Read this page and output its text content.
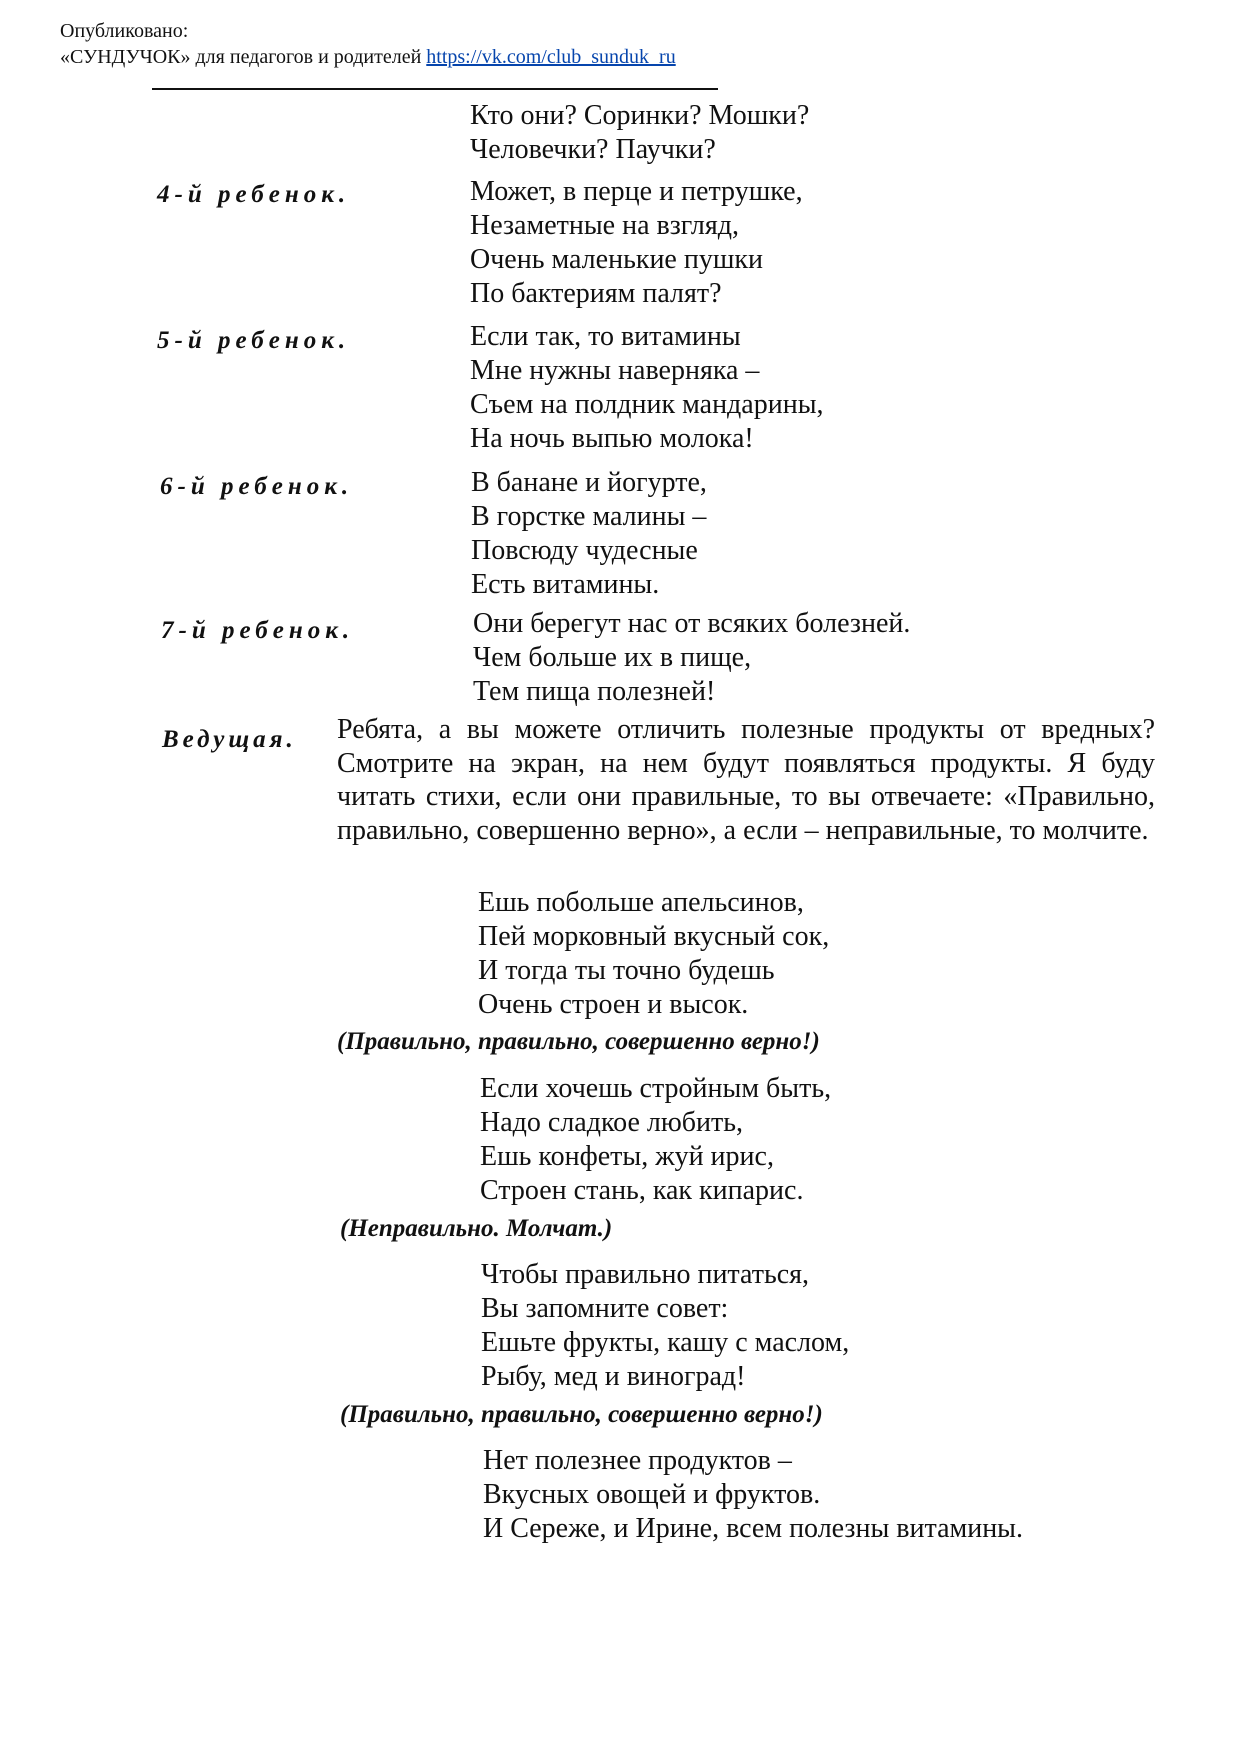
Опубликовано:
«СУНДУЧОК» для педагогов и родителей https://vk.com/club_sunduk_ru
Кто они? Соринки? Мошки?
Человечки? Паучки?
4-й ребенок.	Может, в перце и петрушке,
Незаметные на взгляд,
Очень маленькие пушки
По бактериям палят?
5-й ребенок.	Если так, то витамины
Мне нужны наверняка –
Съем на полдник мандарины,
На ночь выпью молока!
6-й ребенок.	В банане и йогурте,
В горстке малины –
Повсюду чудесные
Есть витамины.
7-й ребенок.	Они берегут нас от всяких болезней.
Чем больше их в пище,
Тем пища полезней!
Ведущая. Ребята, а вы можете отличить полезные продукты от вредных? Смотрите на экран, на нем будут появляться продукты. Я буду читать стихи, если они правильные, то вы отвечаете: «Правильно, правильно, совершенно верно», а если – неправильные, то молчите.
Ешь побольше апельсинов,
Пей морковный вкусный сок,
И тогда ты точно будешь
Очень строен и высок.
(Правильно, правильно, совершенно верно!)
Если хочешь стройным быть,
Надо сладкое любить,
Ешь конфеты, жуй ирис,
Строен стань, как кипарис.
(Неправильно. Молчат.)
Чтобы правильно питаться,
Вы запомните совет:
Ешьте фрукты, кашу с маслом,
Рыбу, мед и виноград!
(Правильно, правильно, совершенно верно!)
Нет полезнее продуктов –
Вкусных овощей и фруктов.
И Сереже, и Ирине, всем полезны витамины.
